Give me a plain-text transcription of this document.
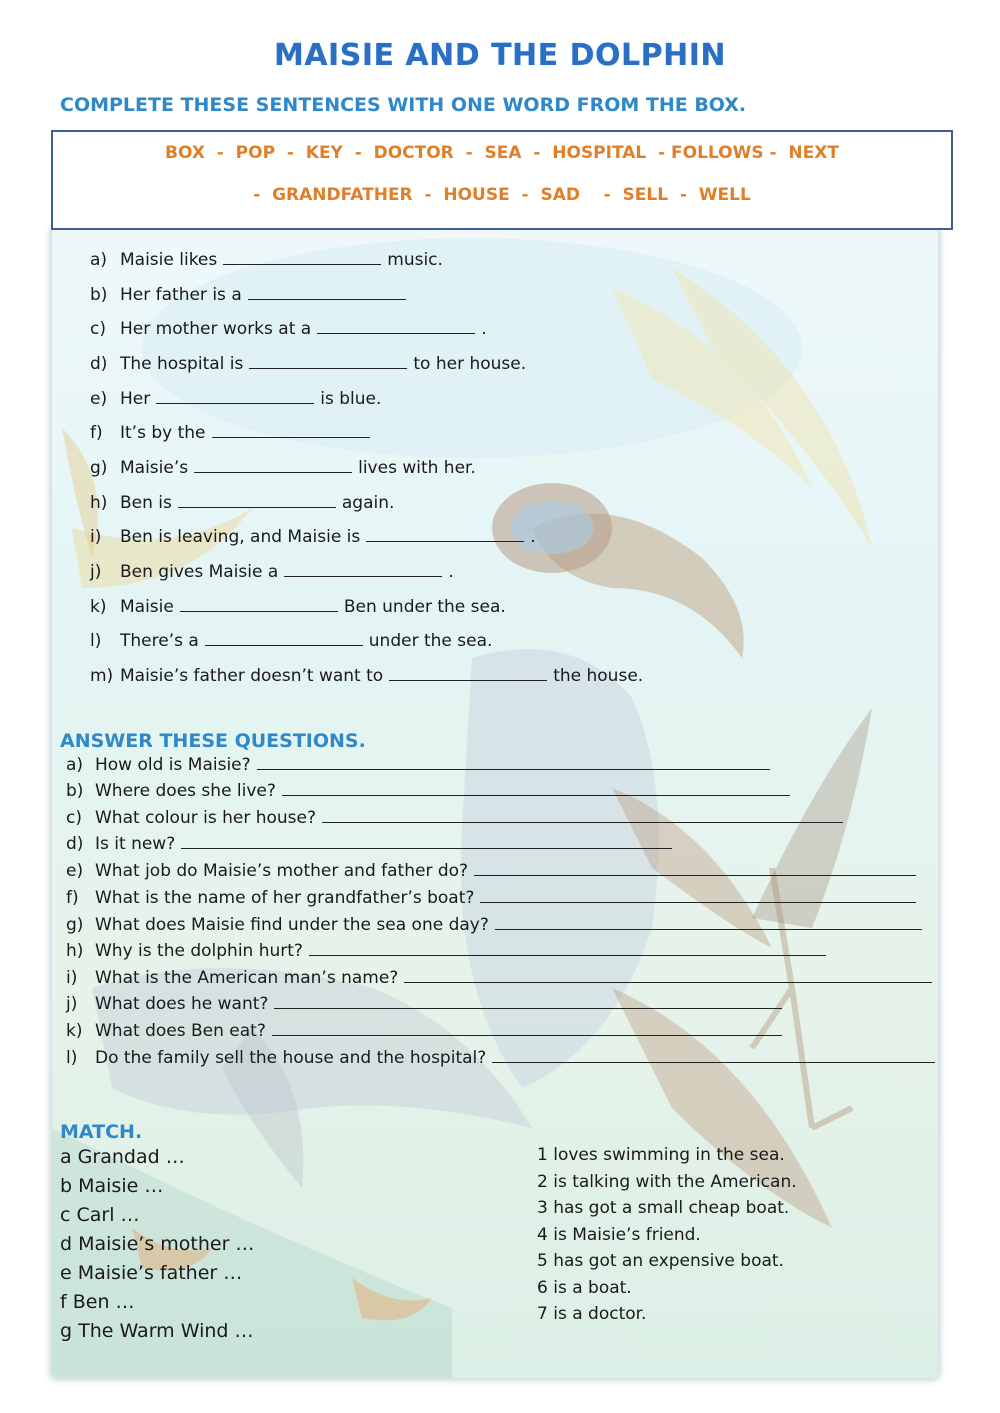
MAISIE AND THE DOLPHIN
COMPLETE THESE SENTENCES WITH ONE WORD FROM THE BOX.
BOX  -  POP  -  KEY  -  DOCTOR  -  SEA  -  HOSPITAL  - FOLLOWS -  NEXT
-  GRANDFATHER  -  HOUSE  -  SAD    -  SELL  -  WELL
a) Maisie likes	music.
b) Her father is a
c) Her mother works at a	.
d) The hospital is	to her house.
e) Her	is blue.
f) It’s by the
g) Maisie’s	lives with her.
h) Ben is	again.
i) Ben is leaving, and Maisie is	.
j) Ben gives Maisie a	.
k) Maisie	Ben under the sea.
l) There’s a	under the sea.
m) Maisie’s father doesn’t want to	the house.
ANSWER THESE QUESTIONS.
a) How old is Maisie?
b) Where does she live?
c) What colour is her house?
d) Is it new?
e) What job do Maisie’s mother and father do?
f) What is the name of her grandfather’s boat?
g) What does Maisie find under the sea one day?
h) Why is the dolphin hurt?
i)	What is the American man’s name?
j)	What does he want?
k) What does Ben eat?
l)	Do the family sell the house and the hospital?
MATCH.
a Grandad …
b Maisie …
c Carl …
d Maisie’s mother …
e Maisie’s father …
f Ben …
g The Warm Wind …
1 loves swimming in the sea.
2 is talking with the American.
3 has got a small cheap boat.
4 is Maisie’s friend.
5 has got an expensive boat.
6 is a boat.
7 is a doctor.
